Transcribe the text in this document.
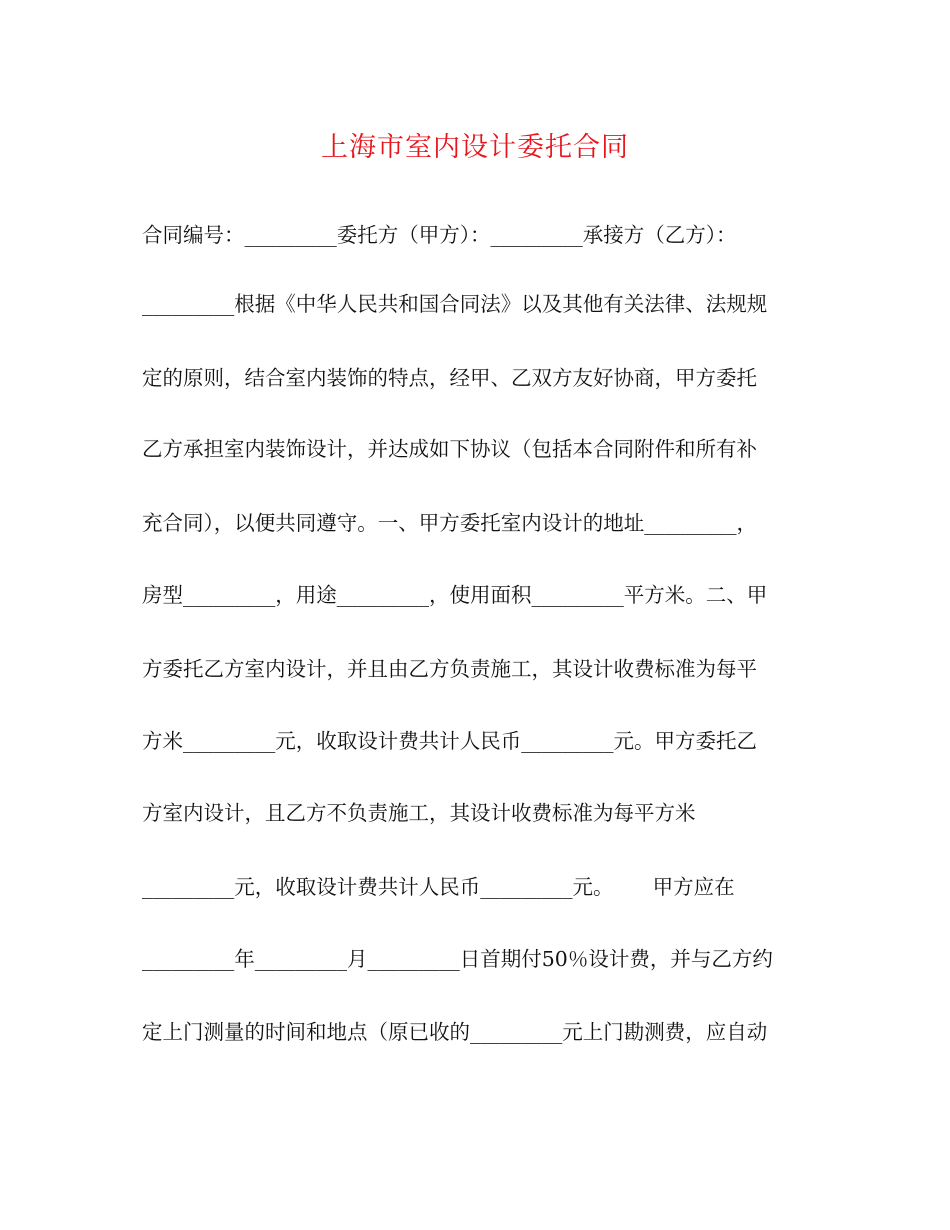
上海市室内设计委托合同
合同编号：_________委托方（甲方）：_________承接方（乙方）：
_________根据《中华人民共和国合同法》以及其他有关法律、法规规
定的原则，结合室内装饰的特点，经甲、乙双方友好协商，甲方委托
乙方承担室内装饰设计，并达成如下协议（包括本合同附件和所有补
充合同），以便共同遵守。一、甲方委托室内设计的地址_________，
房型_________，用途_________，使用面积_________平方米。二、甲
方委托乙方室内设计，并且由乙方负责施工，其设计收费标准为每平
方米_________元，收取设计费共计人民币_________元。甲方委托乙
方室内设计，且乙方不负责施工，其设计收费标准为每平方米
_________元，收取设计费共计人民币_________元。      甲方应在
_________年_________月_________日首期付50％设计费，并与乙方约
定上门测量的时间和地点（原已收的_________元上门勘测费，应自动
